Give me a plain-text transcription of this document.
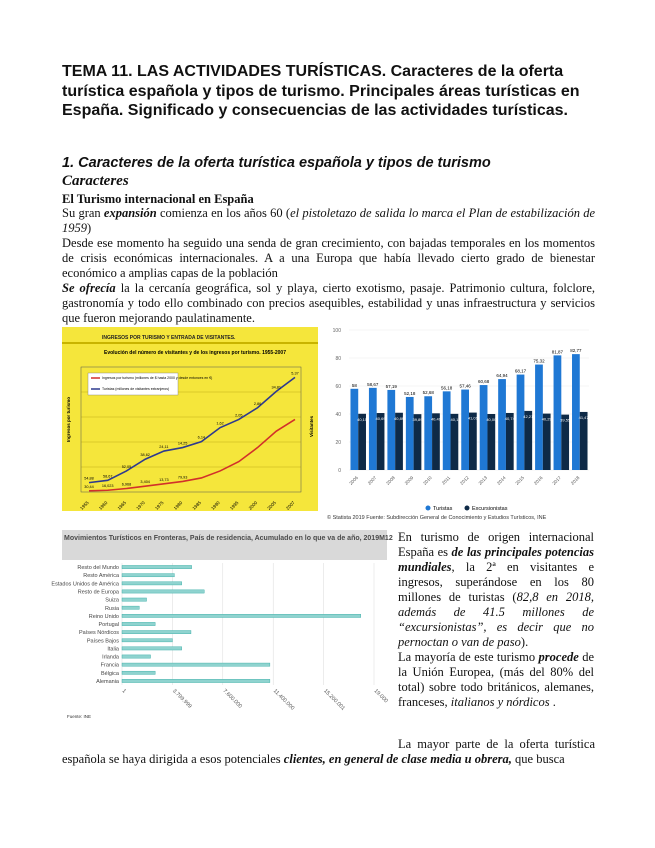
TEMA 11. LAS ACTIVIDADES TURÍSTICAS. Caracteres de la oferta turística española y tipos de turismo. Principales áreas turísticas en España. Significado y consecuencias de las actividades turísticas.
1. Caracteres de la oferta turística española y tipos de turismo
Caracteres
El Turismo internacional en España

Su gran expansión comienza en los años 60 (el pistoletazo de salida lo marca el Plan de estabilización de 1959)

Desde ese momento ha seguido una senda de gran crecimiento, con bajadas temporales en los momentos de crisis económicas internacionales. A a una Europa que había llevado cierto grado de bienestar económico a amplias capas de la población

Se ofrecía la la cercanía geográfica, sol y playa, cierto exotismo, pasaje. Patrimonio cultura, folclore, gastronomía y todo ello combinado con precios asequibles, estabilidad y unas infraestructura y servicios que fueron mejorando paulatinamente.

INGRESOS POR TURISMO Y ENTRADA DE VISITANTES.
Evolución del número de visitantes y de los ingresos por turismo. 1955-2007
Ingresos por turismo (millones de $ hasta 2000 y desde entonces en €)
Turistas (millones de visitantes extranjeros)
Ingresos por turismo	Visitantes
1955 1960 1965 1970 1975 1980 1985 1990 1995 2000 2005 2007
54,88
58,67
52,05
38,62
24,11
14,25
6,14
1,62
2,05
2,86
34,81
5,37
30,44 16,023 6,968
3,404
13,73
79,93
100
80
60
40
20
0
58
40,15
2006
58,67
40,69
2007
57,19
40,89
2008
52,18
39,89
2009
52,68
40,49
2010
56,18
40,1
2011
57,46
41,01
2012
60,68
40,00
2013
64,94
40,74
2014
68,17
42,21
2015
75,32
40,29
2016
81,87
39,55
2017
82,77
41,47
2018
Turistas	Excursionistas
© Statista 2019 Fuente: Subdirección General de Conocimiento y Estudios Turísticos, INE
Movimientos Turísticos en Fronteras, País de residencia, Acumulado en lo que va de año, 2019M12
1	3.799.999	7.600.000	11.400.000	15.200.001	19.000
Resto del Mundo
Resto América
Estados Unidos de América
Resto de Europa
Suiza
Rusia
Reino Unido
Portugal
Países Nórdicos
Países Bajos
Italia
Irlanda
Francia
Bélgica
Alemania
Fuente: INE

En turismo de origen internacional España es de las principales potencias mundiales, la 2ª en visitantes e ingresos, superándose en los 80 millones de turistas (82,8 en 2018, además de 41.5 millones de “excursionistas”, es decir que no pernoctan o van de paso).

La mayoría de este turismo procede de la Unión Europea, (más del 80% del total) sobre todo británicos, alemanes, franceses, italianos y nórdicos .

La mayor parte de la oferta turística española se haya dirigida a esos potenciales clientes, en general de clase media u obrera, que busca
